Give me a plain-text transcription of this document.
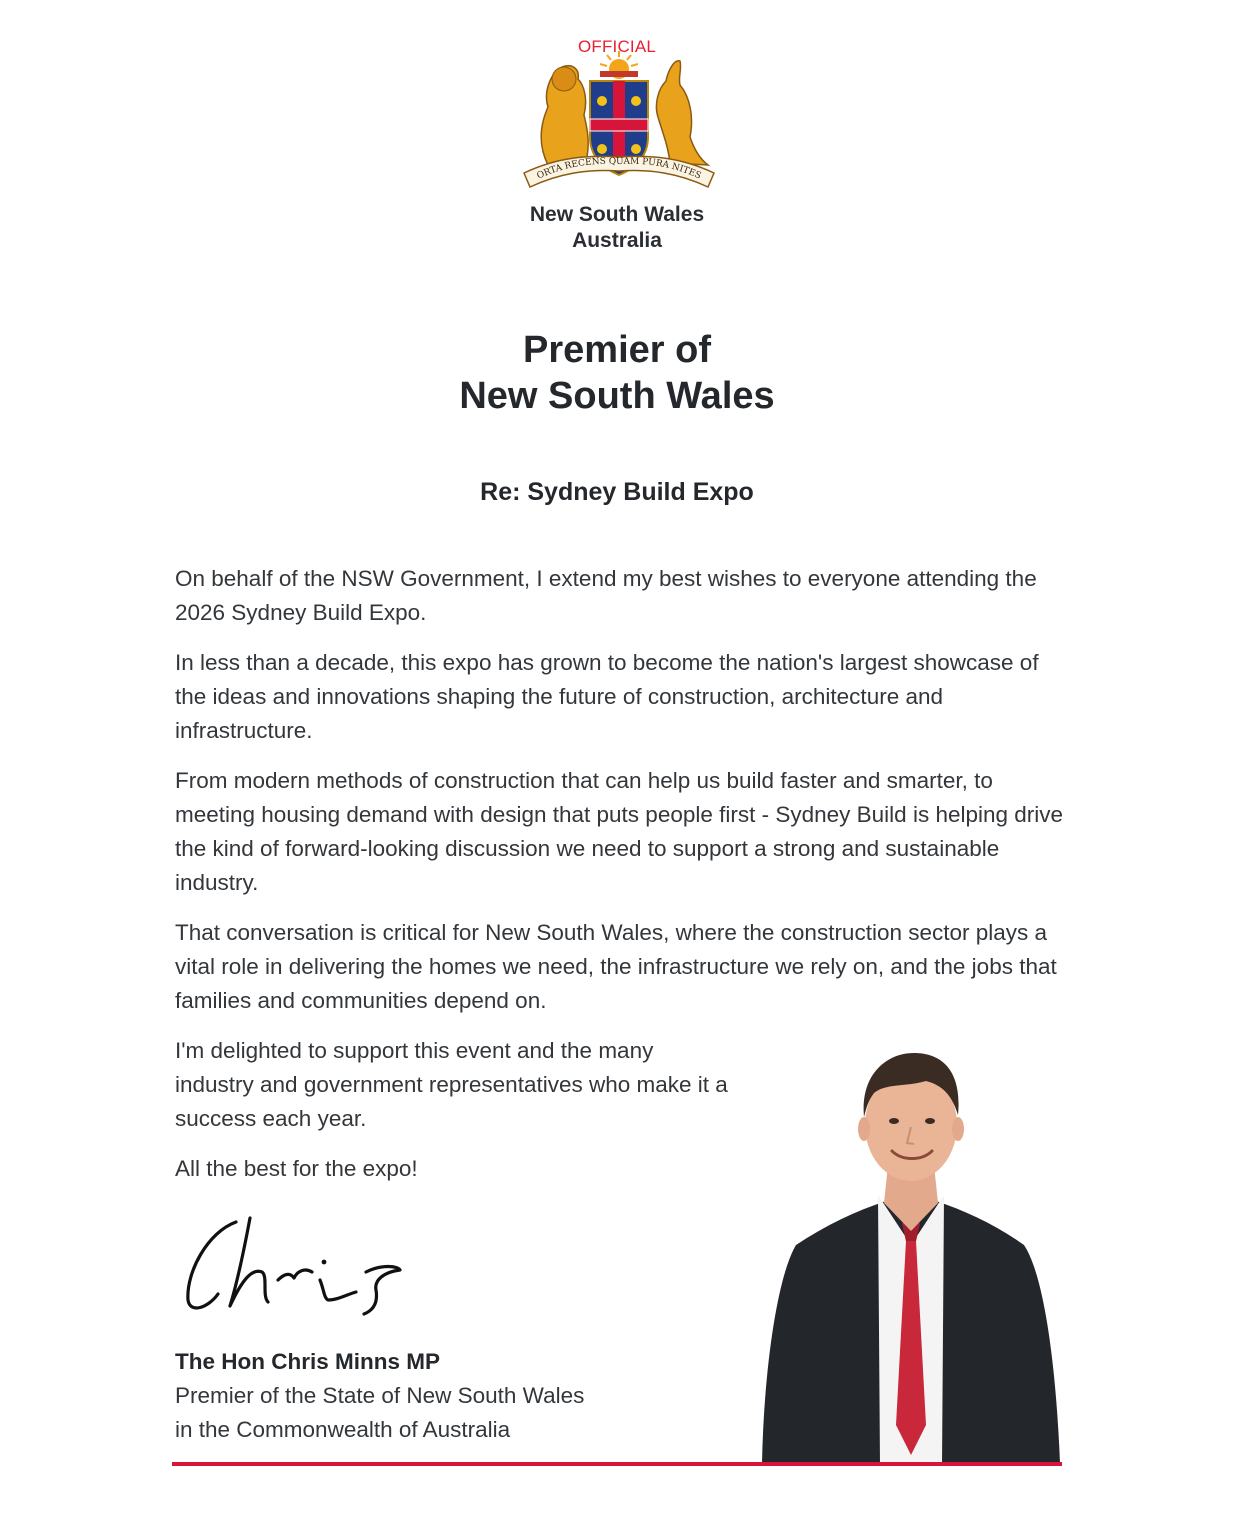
OFFICIAL
ORTA RECENS QUAM PURA NITES
New South Wales
Australia
Premier of
New South Wales
Re: Sydney Build Expo

On behalf of the NSW Government, I extend my best wishes to everyone attending the 2026 Sydney Build Expo.

In less than a decade, this expo has grown to become the nation's largest showcase of the ideas and innovations shaping the future of construction, architecture and infrastructure.

From modern methods of construction that can help us build faster and smarter, to meeting housing demand with design that puts people first - Sydney Build is helping drive the kind of forward-looking discussion we need to support a strong and sustainable industry.

That conversation is critical for New South Wales, where the construction sector plays a vital role in delivering the homes we need, the infrastructure we rely on, and the jobs that families and communities depend on.

I'm delighted to support this event and the many industry and government representatives who make it a success each year.

All the best for the expo!

The Hon Chris Minns MP
Premier of the State of New South Wales
in the Commonwealth of Australia
